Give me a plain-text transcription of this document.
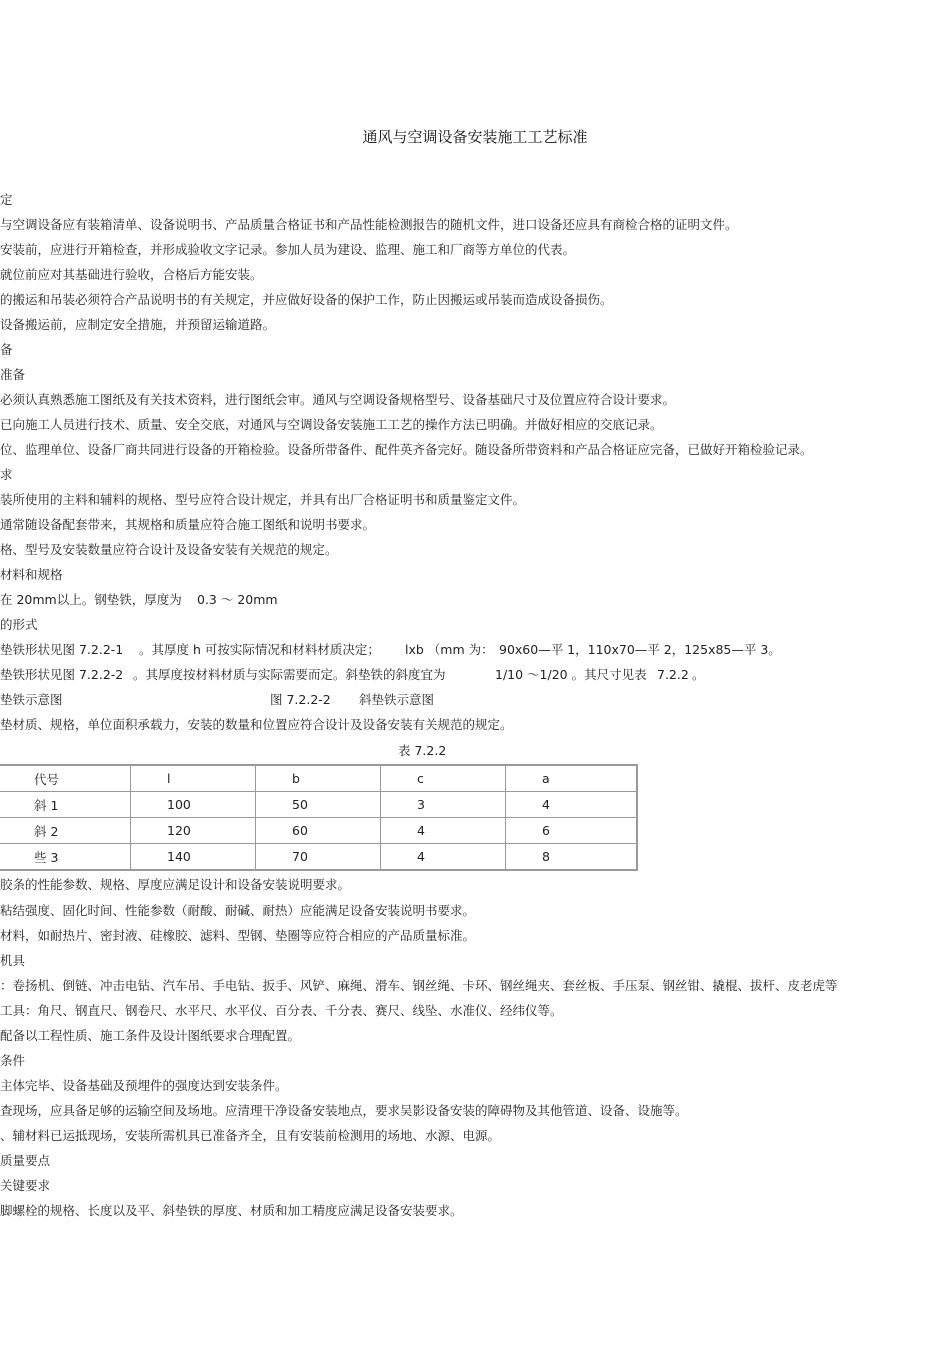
通风与空调设备安装施工工艺标准
定
与空调设备应有装箱清单、设备说明书、产品质量合格证书和产品性能检测报告的随机文件，进口设备还应具有商检合格的证明文件。
安装前，应进行开箱检查，并形成验收文字记录。参加人员为建设、监理、施工和厂商等方单位的代表。
就位前应对其基础进行验收，合格后方能安装。
的搬运和吊装必须符合产品说明书的有关规定，并应做好设备的保护工作，防止因搬运或吊装而造成设备损伤。
设备搬运前，应制定安全措施，并预留运输道路。
备
准备
必须认真熟悉施工图纸及有关技术资料，进行图纸会审。通风与空调设备规格型号、设备基础尺寸及位置应符合设计要求。
已向施工人员进行技术、质量、安全交底，对通风与空调设备安装施工工艺的操作方法已明确。并做好相应的交底记录。
位、监理单位、设备厂商共同进行设备的开箱检验。设备所带备件、配件英齐备完好。随设备所带资料和产品合格证应完备，已做好开箱检验记录。
求
装所使用的主料和辅料的规格、型号应符合设计规定，并具有出厂合格证明书和质量鉴定文件。
通常随设备配套带来，其规格和质量应符合施工图纸和说明书要求。
格、型号及安装数量应符合设计及设备安装有关规范的规定。
材料和规格
在 20mm以上。钢垫铁，厚度为 0.3 ～ 20mm
的形式
垫铁形状见图 7.2.2-1 。其厚度 h 可按实际情况和材料材质决定； lxb （mm 为： 90x60—平 1，110x70—平 2，125x85—平 3。
垫铁形状见图 7.2.2-2 。其厚度按材料材质与实际需要而定。斜垫铁的斜度宜为	1/10 ～1/20 。其尺寸见表 7.2.2 。
垫铁示意图	图 7.2.2-2 斜垫铁示意图
垫材质、规格，单位面积承载力，安装的数量和位置应符合设计及设备安装有关规范的规定。
表 7.2.2
代号	l	b	c	a
斜 1	100	50	3	4
斜 2	120	60	4	6
些 3	140	70	4	8
胶条的性能参数、规格、厚度应满足设计和设备安装说明要求。
粘结强度、固化时间、性能参数（耐酸、耐碱、耐热）应能满足设备安装说明书要求。
材料，如耐热片、密封液、硅橡胶、滤料、型钢、垫圈等应符合相应的产品质量标准。
机具
：卷扬机、倒链、冲击电钻、汽车吊、手电钻、扳手、风铲、麻绳、滑车、钢丝绳、卡环、钢丝绳夹、套丝板、手压泵、钢丝钳、撬棍、拔杆、皮老虎等
工具：角尺、钢直尺、钢卷尺、水平尺、水平仪、百分表、千分表、赛尺、线坠、水准仪、经纬仪等。
配备以工程性质、施工条件及设计图纸要求合理配置。
条件
主体完毕、设备基础及预埋件的强度达到安装条件。
查现场，应具备足够的运输空间及场地。应清理干净设备安装地点，要求吴影设备安装的障碍物及其他管道、设备、设施等。
、辅材料已运抵现场，安装所需机具已准备齐全，且有安装前检测用的场地、水源、电源。
质量要点
关键要求
脚螺栓的规格、长度以及平、斜垫铁的厚度、材质和加工精度应满足设备安装要求。
